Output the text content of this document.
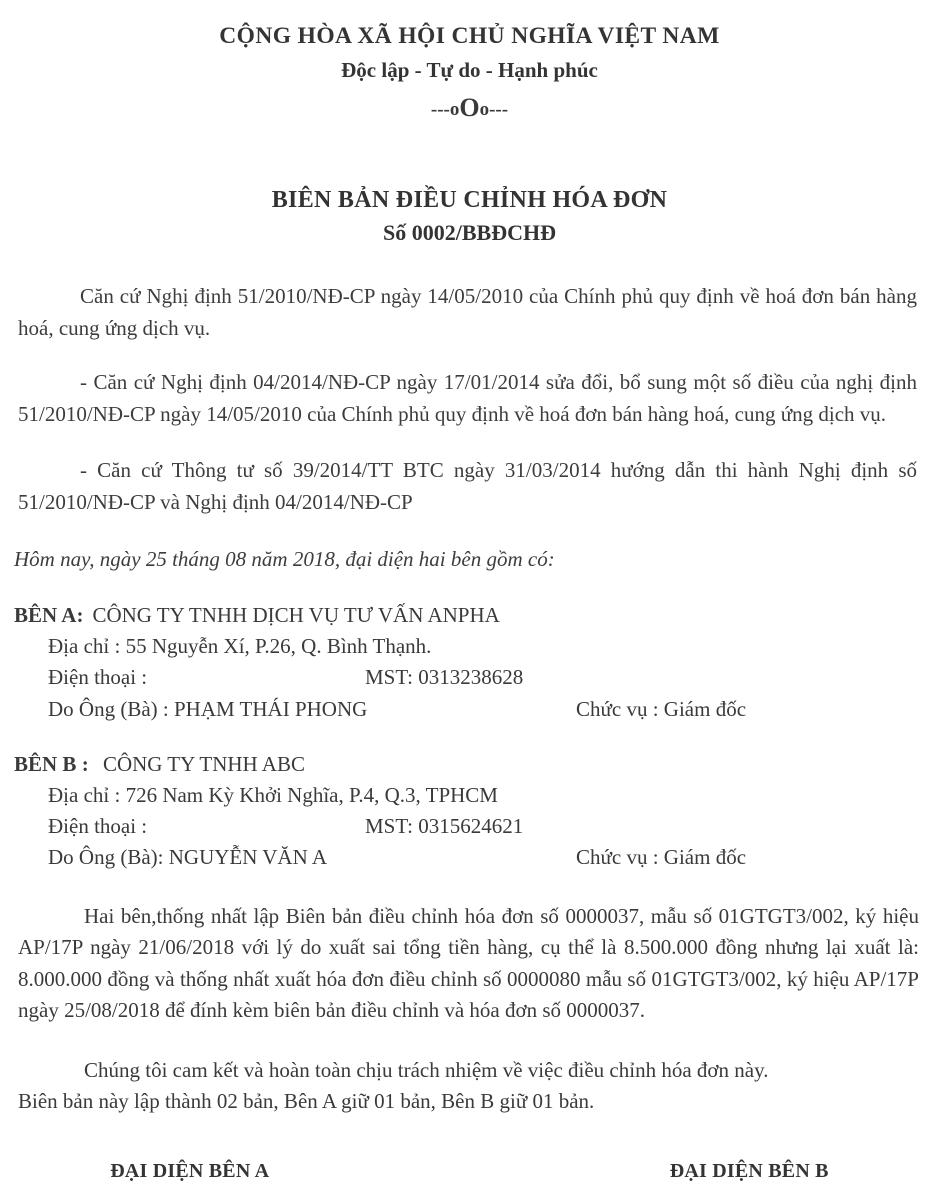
CỘNG HÒA XÃ HỘI CHỦ NGHĨA VIỆT NAM
Độc lập - Tự do - Hạnh phúc
---oOo---
BIÊN BẢN ĐIỀU CHỈNH HÓA ĐƠN
Số 0002/BBĐCHĐ

Căn cứ Nghị định 51/2010/NĐ-CP ngày 14/05/2010 của Chính phủ quy định về hoá đơn bán hàng hoá, cung ứng dịch vụ.

- Căn cứ Nghị định 04/2014/NĐ-CP ngày 17/01/2014 sửa đổi, bổ sung một số điều của nghị định 51/2010/NĐ-CP ngày 14/05/2010 của Chính phủ quy định về hoá đơn bán hàng hoá, cung ứng dịch vụ.

- Căn cứ Thông tư số 39/2014/TT BTC ngày 31/03/2014 hướng dẫn thi hành Nghị định số 51/2010/NĐ-CP và Nghị định 04/2014/NĐ-CP

Hôm nay, ngày 25 tháng 08 năm 2018, đại diện hai bên gồm có:
BÊN A: CÔNG TY TNHH DỊCH VỤ TƯ VẤN ANPHA
Địa chỉ : 55 Nguyễn Xí, P.26, Q. Bình Thạnh.
Điện thoại :	MST: 0313238628
Do Ông (Bà) : PHẠM THÁI PHONG	Chức vụ : Giám đốc
BÊN B : CÔNG TY TNHH ABC
Địa chỉ : 726 Nam Kỳ Khởi Nghĩa, P.4, Q.3, TPHCM
Điện thoại :	MST: 0315624621
Do Ông (Bà): NGUYỄN VĂN A	Chức vụ : Giám đốc

Hai bên,thống nhất lập Biên bản điều chỉnh hóa đơn số 0000037, mẫu số 01GTGT3/002, ký hiệu AP/17P ngày 21/06/2018 với lý do xuất sai tổng tiền hàng, cụ thể là 8.500.000 đồng nhưng lại xuất là: 8.000.000 đồng và thống nhất xuất hóa đơn điều chỉnh số 0000080 mẫu số 01GTGT3/002, ký hiệu AP/17P ngày 25/08/2018 để đính kèm biên bản điều chỉnh và hóa đơn số 0000037.

Chúng tôi cam kết và hoàn toàn chịu trách nhiệm về việc điều chỉnh hóa đơn này.
Biên bản này lập thành 02 bản, Bên A giữ 01 bản, Bên B giữ 01 bản.
ĐẠI DIỆN BÊN A	ĐẠI DIỆN BÊN B
